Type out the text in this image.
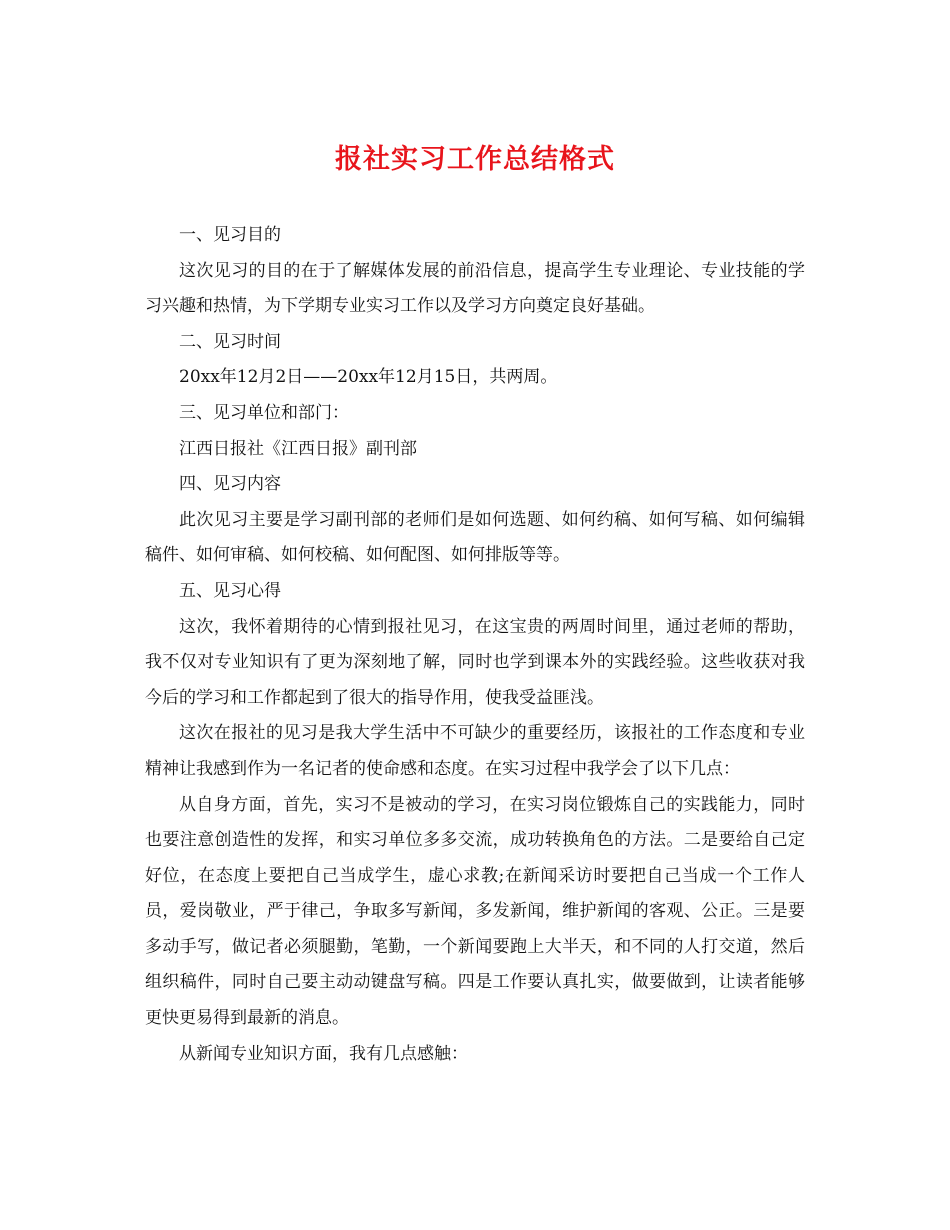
报社实习工作总结格式

一、见习目的

这次见习的目的在于了解媒体发展的前沿信息，提高学生专业理论、专业技能的学习兴趣和热情，为下学期专业实习工作以及学习方向奠定良好基础。

二、见习时间

20xx年12月2日——20xx年12月15日，共两周。

三、见习单位和部门：

江西日报社《江西日报》副刊部

四、见习内容

此次见习主要是学习副刊部的老师们是如何选题、如何约稿、如何写稿、如何编辑稿件、如何审稿、如何校稿、如何配图、如何排版等等。

五、见习心得

这次，我怀着期待的心情到报社见习，在这宝贵的两周时间里，通过老师的帮助，我不仅对专业知识有了更为深刻地了解，同时也学到课本外的实践经验。这些收获对我今后的学习和工作都起到了很大的指导作用，使我受益匪浅。

这次在报社的见习是我大学生活中不可缺少的重要经历，该报社的工作态度和专业精神让我感到作为一名记者的使命感和态度。在实习过程中我学会了以下几点：

从自身方面，首先，实习不是被动的学习，在实习岗位锻炼自己的实践能力，同时也要注意创造性的发挥，和实习单位多多交流，成功转换角色的方法。二是要给自己定好位，在态度上要把自己当成学生，虚心求教;在新闻采访时要把自己当成一个工作人员，爱岗敬业，严于律己，争取多写新闻，多发新闻，维护新闻的客观、公正。三是要多动手写，做记者必须腿勤，笔勤，一个新闻要跑上大半天，和不同的人打交道，然后组织稿件，同时自己要主动动键盘写稿。四是工作要认真扎实，做要做到，让读者能够更快更易得到最新的消息。

从新闻专业知识方面，我有几点感触：
